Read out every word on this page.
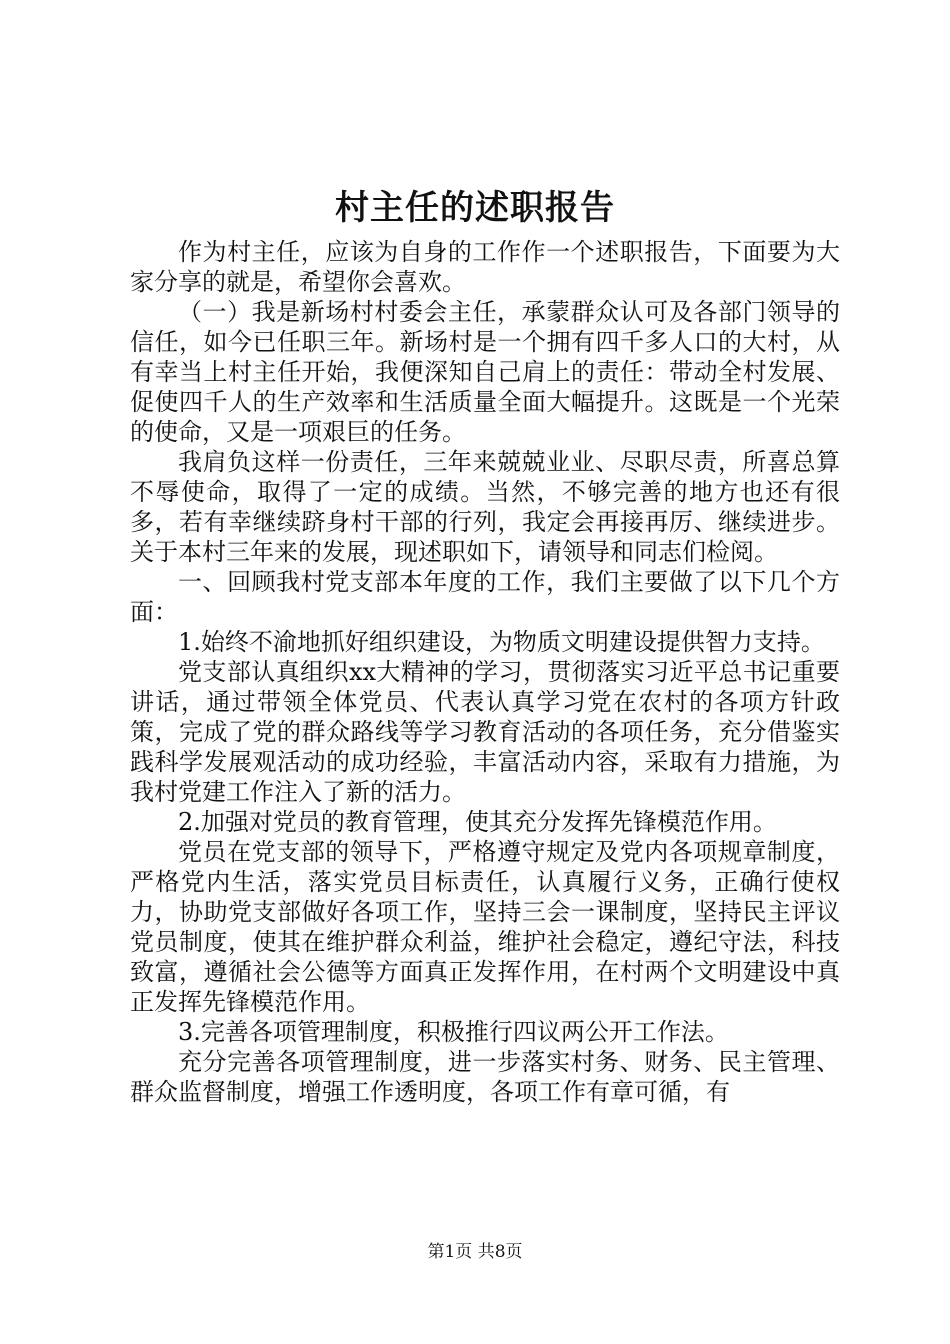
村主任的述职报告

作为村主任，应该为自身的工作作一个述职报告，下面要为大家分享的就是，希望你会喜欢。

（一）我是新场村村委会主任，承蒙群众认可及各部门领导的信任，如今已任职三年。新场村是一个拥有四千多人口的大村，从有幸当上村主任开始，我便深知自己肩上的责任：带动全村发展、促使四千人的生产效率和生活质量全面大幅提升。这既是一个光荣的使命，又是一项艰巨的任务。

我肩负这样一份责任，三年来兢兢业业、尽职尽责，所喜总算不辱使命，取得了一定的成绩。当然，不够完善的地方也还有很多，若有幸继续跻身村干部的行列，我定会再接再厉、继续进步。关于本村三年来的发展，现述职如下，请领导和同志们检阅。

一、回顾我村党支部本年度的工作，我们主要做了以下几个方面：

1.始终不渝地抓好组织建设，为物质文明建设提供智力支持。

党支部认真组织xx大精神的学习，贯彻落实习近平总书记重要讲话，通过带领全体党员、代表认真学习党在农村的各项方针政策，完成了党的群众路线等学习教育活动的各项任务，充分借鉴实践科学发展观活动的成功经验，丰富活动内容，采取有力措施，为我村党建工作注入了新的活力。

2.加强对党员的教育管理，使其充分发挥先锋模范作用。

党员在党支部的领导下，严格遵守规定及党内各项规章制度，严格党内生活，落实党员目标责任，认真履行义务，正确行使权力，协助党支部做好各项工作，坚持三会一课制度，坚持民主评议党员制度，使其在维护群众利益，维护社会稳定，遵纪守法，科技致富，遵循社会公德等方面真正发挥作用，在村两个文明建设中真正发挥先锋模范作用。

3.完善各项管理制度，积极推行四议两公开工作法。

充分完善各项管理制度，进一步落实村务、财务、民主管理、群众监督制度，增强工作透明度，各项工作有章可循，有

第1页 共8页
